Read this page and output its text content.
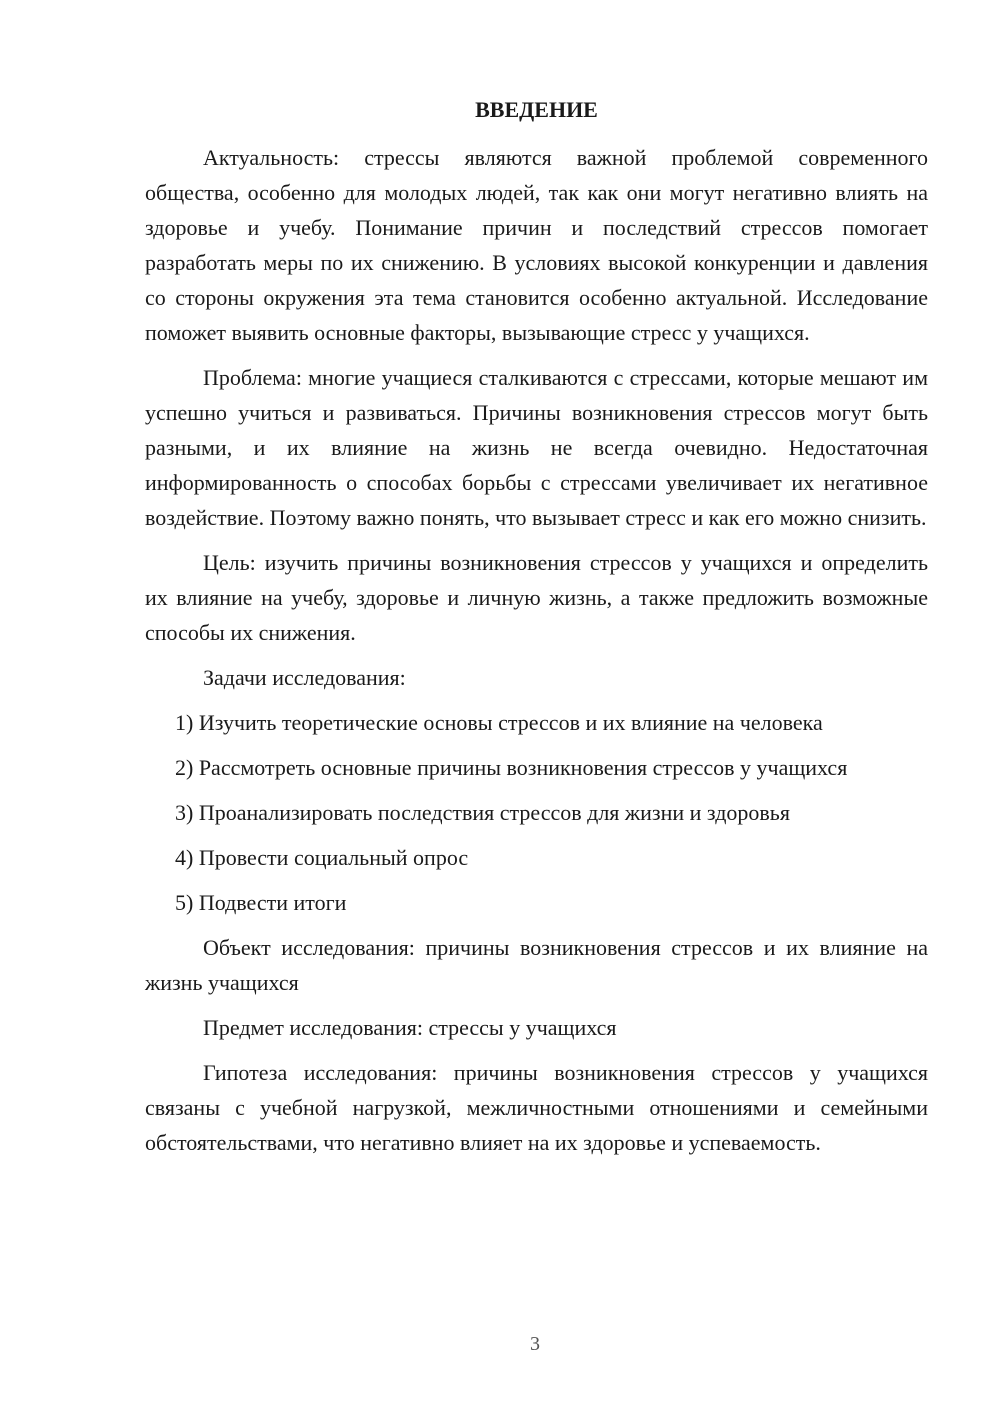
ВВЕДЕНИЕ

Актуальность: стрессы являются важной проблемой современного общества, особенно для молодых людей, так как они могут негативно влиять на здоровье и учебу. Понимание причин и последствий стрессов помогает разработать меры по их снижению. В условиях высокой конкуренции и давления со стороны окружения эта тема становится особенно актуальной. Исследование поможет выявить основные факторы, вызывающие стресс у учащихся.

Проблема: многие учащиеся сталкиваются с стрессами, которые мешают им успешно учиться и развиваться. Причины возникновения стрессов могут быть разными, и их влияние на жизнь не всегда очевидно. Недостаточная информированность о способах борьбы с стрессами увеличивает их негативное воздействие. Поэтому важно понять, что вызывает стресс и как его можно снизить.

Цель: изучить причины возникновения стрессов у учащихся и определить их влияние на учебу, здоровье и личную жизнь, а также предложить возможные способы их снижения.

Задачи исследования:

1) Изучить теоретические основы стрессов и их влияние на человека
2) Рассмотреть основные причины возникновения стрессов у учащихся
3) Проанализировать последствия стрессов для жизни и здоровья
4) Провести социальный опрос
5) Подвести итоги

Объект исследования: причины возникновения стрессов и их влияние на жизнь учащихся

Предмет исследования: стрессы у учащихся

Гипотеза исследования: причины возникновения стрессов у учащихся связаны с учебной нагрузкой, межличностными отношениями и семейными обстоятельствами, что негативно влияет на их здоровье и успеваемость.

3
